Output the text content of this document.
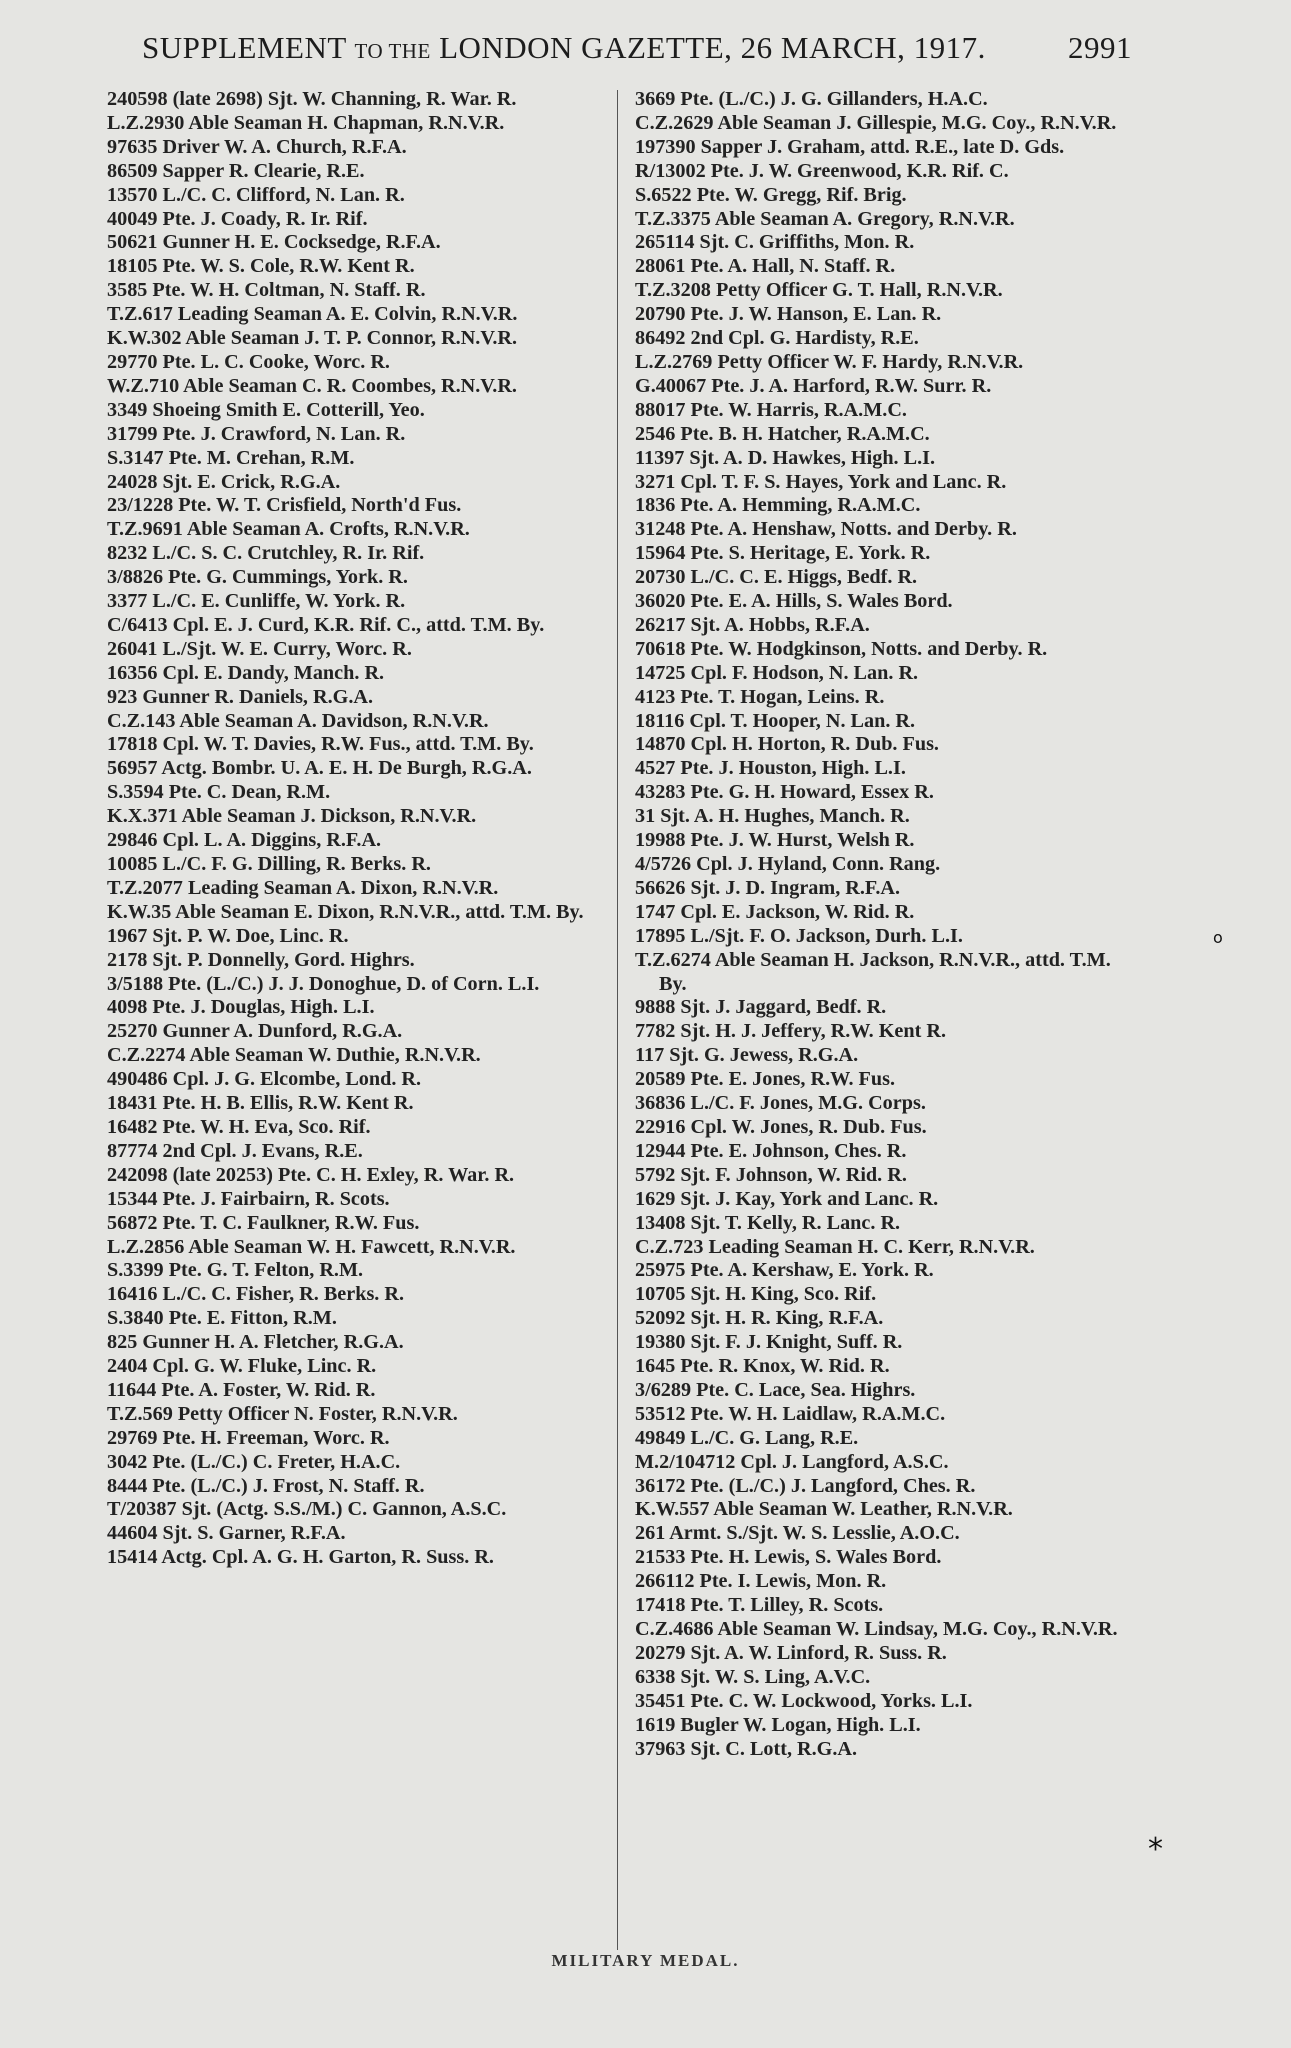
SUPPLEMENT TO THE LONDON GAZETTE, 26 MARCH, 1917.	2991
240598 (late 2698) Sjt. W. Channing, R. War. R.
L.Z.2930 Able Seaman H. Chapman, R.N.V.R.
97635 Driver W. A. Church, R.F.A.
86509 Sapper R. Clearie, R.E.
13570 L./C. C. Clifford, N. Lan. R.
40049 Pte. J. Coady, R. Ir. Rif.
50621 Gunner H. E. Cocksedge, R.F.A.
18105 Pte. W. S. Cole, R.W. Kent R.
3585 Pte. W. H. Coltman, N. Staff. R.
T.Z.617 Leading Seaman A. E. Colvin, R.N.V.R.
K.W.302 Able Seaman J. T. P. Connor, R.N.V.R.
29770 Pte. L. C. Cooke, Worc. R.
W.Z.710 Able Seaman C. R. Coombes, R.N.V.R.
3349 Shoeing Smith E. Cotterill, Yeo.
31799 Pte. J. Crawford, N. Lan. R.
S.3147 Pte. M. Crehan, R.M.
24028 Sjt. E. Crick, R.G.A.
23/1228 Pte. W. T. Crisfield, North'd Fus.
T.Z.9691 Able Seaman A. Crofts, R.N.V.R.
8232 L./C. S. C. Crutchley, R. Ir. Rif.
3/8826 Pte. G. Cummings, York. R.
3377 L./C. E. Cunliffe, W. York. R.
C/6413 Cpl. E. J. Curd, K.R. Rif. C., attd. T.M. By.
26041 L./Sjt. W. E. Curry, Worc. R.
16356 Cpl. E. Dandy, Manch. R.
923 Gunner R. Daniels, R.G.A.
C.Z.143 Able Seaman A. Davidson, R.N.V.R.
17818 Cpl. W. T. Davies, R.W. Fus., attd. T.M. By.
56957 Actg. Bombr. U. A. E. H. De Burgh, R.G.A.
S.3594 Pte. C. Dean, R.M.
K.X.371 Able Seaman J. Dickson, R.N.V.R.
29846 Cpl. L. A. Diggins, R.F.A.
10085 L./C. F. G. Dilling, R. Berks. R.
T.Z.2077 Leading Seaman A. Dixon, R.N.V.R.
K.W.35 Able Seaman E. Dixon, R.N.V.R., attd. T.M. By.
1967 Sjt. P. W. Doe, Linc. R.
2178 Sjt. P. Donnelly, Gord. Highrs.
3/5188 Pte. (L./C.) J. J. Donoghue, D. of Corn. L.I.
4098 Pte. J. Douglas, High. L.I.
25270 Gunner A. Dunford, R.G.A.
C.Z.2274 Able Seaman W. Duthie, R.N.V.R.
490486 Cpl. J. G. Elcombe, Lond. R.
18431 Pte. H. B. Ellis, R.W. Kent R.
16482 Pte. W. H. Eva, Sco. Rif.
87774 2nd Cpl. J. Evans, R.E.
242098 (late 20253) Pte. C. H. Exley, R. War. R.
15344 Pte. J. Fairbairn, R. Scots.
56872 Pte. T. C. Faulkner, R.W. Fus.
L.Z.2856 Able Seaman W. H. Fawcett, R.N.V.R.
S.3399 Pte. G. T. Felton, R.M.
16416 L./C. C. Fisher, R. Berks. R.
S.3840 Pte. E. Fitton, R.M.
825 Gunner H. A. Fletcher, R.G.A.
2404 Cpl. G. W. Fluke, Linc. R.
11644 Pte. A. Foster, W. Rid. R.
T.Z.569 Petty Officer N. Foster, R.N.V.R.
29769 Pte. H. Freeman, Worc. R.
3042 Pte. (L./C.) C. Freter, H.A.C.
8444 Pte. (L./C.) J. Frost, N. Staff. R.
T/20387 Sjt. (Actg. S.S./M.) C. Gannon, A.S.C.
44604 Sjt. S. Garner, R.F.A.
15414 Actg. Cpl. A. G. H. Garton, R. Suss. R.
3669 Pte. (L./C.) J. G. Gillanders, H.A.C.
C.Z.2629 Able Seaman J. Gillespie, M.G. Coy., R.N.V.R.
197390 Sapper J. Graham, attd. R.E., late D. Gds.
R/13002 Pte. J. W. Greenwood, K.R. Rif. C.
S.6522 Pte. W. Gregg, Rif. Brig.
T.Z.3375 Able Seaman A. Gregory, R.N.V.R.
265114 Sjt. C. Griffiths, Mon. R.
28061 Pte. A. Hall, N. Staff. R.
T.Z.3208 Petty Officer G. T. Hall, R.N.V.R.
20790 Pte. J. W. Hanson, E. Lan. R.
86492 2nd Cpl. G. Hardisty, R.E.
L.Z.2769 Petty Officer W. F. Hardy, R.N.V.R.
G.40067 Pte. J. A. Harford, R.W. Surr. R.
88017 Pte. W. Harris, R.A.M.C.
2546 Pte. B. H. Hatcher, R.A.M.C.
11397 Sjt. A. D. Hawkes, High. L.I.
3271 Cpl. T. F. S. Hayes, York and Lanc. R.
1836 Pte. A. Hemming, R.A.M.C.
31248 Pte. A. Henshaw, Notts. and Derby. R.
15964 Pte. S. Heritage, E. York. R.
20730 L./C. C. E. Higgs, Bedf. R.
36020 Pte. E. A. Hills, S. Wales Bord.
26217 Sjt. A. Hobbs, R.F.A.
70618 Pte. W. Hodgkinson, Notts. and Derby. R.
14725 Cpl. F. Hodson, N. Lan. R.
4123 Pte. T. Hogan, Leins. R.
18116 Cpl. T. Hooper, N. Lan. R.
14870 Cpl. H. Horton, R. Dub. Fus.
4527 Pte. J. Houston, High. L.I.
43283 Pte. G. H. Howard, Essex R.
31 Sjt. A. H. Hughes, Manch. R.
19988 Pte. J. W. Hurst, Welsh R.
4/5726 Cpl. J. Hyland, Conn. Rang.
56626 Sjt. J. D. Ingram, R.F.A.
1747 Cpl. E. Jackson, W. Rid. R.
17895 L./Sjt. F. O. Jackson, Durh. L.I.
T.Z.6274 Able Seaman H. Jackson, R.N.V.R., attd. T.M. By.
9888 Sjt. J. Jaggard, Bedf. R.
7782 Sjt. H. J. Jeffery, R.W. Kent R.
117 Sjt. G. Jewess, R.G.A.
20589 Pte. E. Jones, R.W. Fus.
36836 L./C. F. Jones, M.G. Corps.
22916 Cpl. W. Jones, R. Dub. Fus.
12944 Pte. E. Johnson, Ches. R.
5792 Sjt. F. Johnson, W. Rid. R.
1629 Sjt. J. Kay, York and Lanc. R.
13408 Sjt. T. Kelly, R. Lanc. R.
C.Z.723 Leading Seaman H. C. Kerr, R.N.V.R.
25975 Pte. A. Kershaw, E. York. R.
10705 Sjt. H. King, Sco. Rif.
52092 Sjt. H. R. King, R.F.A.
19380 Sjt. F. J. Knight, Suff. R.
1645 Pte. R. Knox, W. Rid. R.
3/6289 Pte. C. Lace, Sea. Highrs.
53512 Pte. W. H. Laidlaw, R.A.M.C.
49849 L./C. G. Lang, R.E.
M.2/104712 Cpl. J. Langford, A.S.C.
36172 Pte. (L./C.) J. Langford, Ches. R.
K.W.557 Able Seaman W. Leather, R.N.V.R.
261 Armt. S./Sjt. W. S. Lesslie, A.O.C.
21533 Pte. H. Lewis, S. Wales Bord.
266112 Pte. I. Lewis, Mon. R.
17418 Pte. T. Lilley, R. Scots.
C.Z.4686 Able Seaman W. Lindsay, M.G. Coy., R.N.V.R.
20279 Sjt. A. W. Linford, R. Suss. R.
6338 Sjt. W. S. Ling, A.V.C.
35451 Pte. C. W. Lockwood, Yorks. L.I.
1619 Bugler W. Logan, High. L.I.
37963 Sjt. C. Lott, R.G.A.
*
o
MILITARY MEDAL.
